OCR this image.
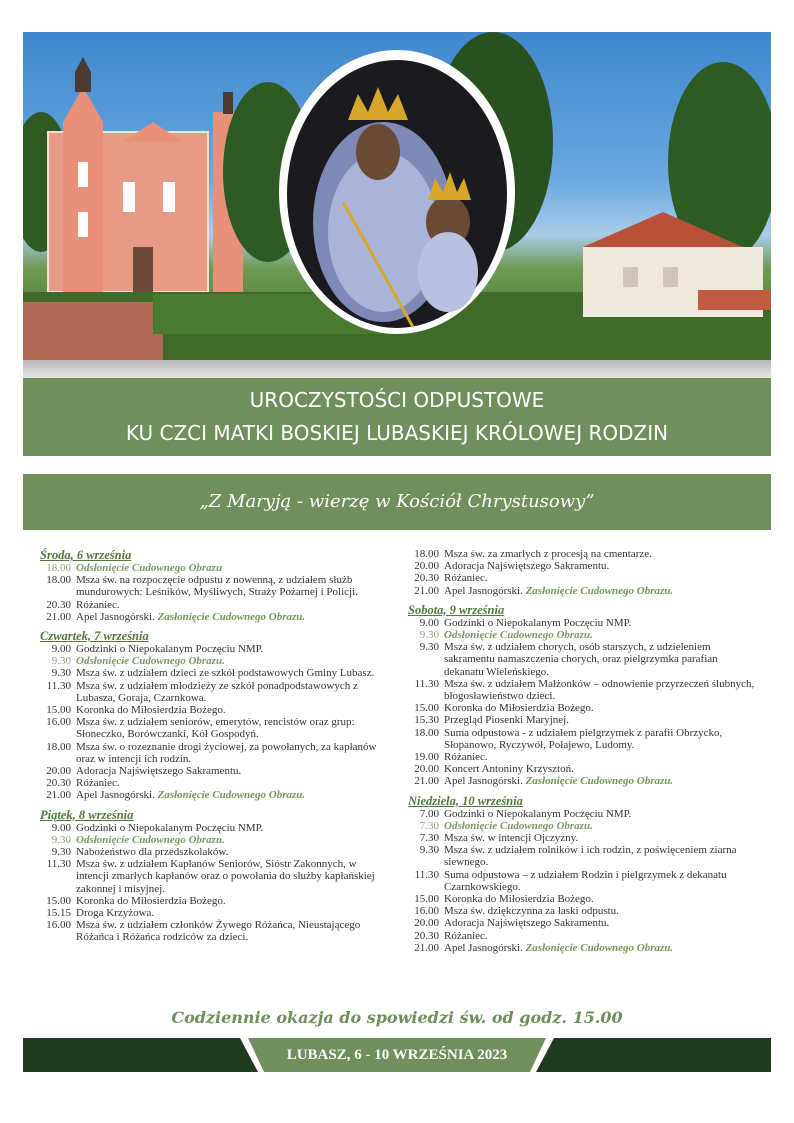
UROCZYSTOŚCI ODPUSTOWE
KU CZCI MATKI BOSKIEJ LUBASKIEJ KRÓLOWEJ RODZIN
„Z Maryją - wierzę w Kościół Chrystusowy”
Środa, 6 września
18.00 Odsłonięcie Cudownego Obrazu
18.00 Msza św. na rozpoczęcie odpustu z nowenną, z udziałem służb mundurowych: Leśników, Myśliwych, Straży Pożarnej i Policji.
20.30 Różaniec.
21.00 Apel Jasnogórski. Zasłonięcie Cudownego Obrazu.
Czwartek, 7 września
9.00 Godzinki o Niepokalanym Poczęciu NMP.
9.30 Odsłonięcie Cudownego Obrazu.
9.30 Msza św. z udziałem dzieci ze szkół podstawowych Gminy Lubasz.
11.30 Msza św. z udziałem młodzieży ze szkół ponadpodstawowych z Lubasza, Goraja, Czarnkowa.
15.00 Koronka do Miłosierdzia Bożego.
16.00 Msza św. z udziałem seniorów, emerytów, rencistów oraz grup: Słoneczko, Borówczanki, Kół Gospodyń.
18.00 Msza św. o rozeznanie drogi życiowej, za powołanych, za kapłanów oraz w intencji ich rodzin.
20.00 Adoracja Najświętszego Sakramentu.
20.30 Różaniec.
21.00 Apel Jasnogórski. Zasłonięcie Cudownego Obrazu.
Piątek, 8 września
9.00 Godzinki o Niepokalanym Poczęciu NMP.
9.30 Odsłonięcie Cudownego Obrazu.
9.30 Nabożeństwo dla przedszkolaków.
11.30 Msza św. z udziałem Kapłanów Seniorów, Sióstr Zakonnych, w intencji zmarłych kapłanów oraz o powołania do służby kapłańskiej zakonnej i misyjnej.
15.00 Koronka do Miłosierdzia Bożego.
15.15 Droga Krzyżowa.
16.00 Msza św. z udziałem członków Żywego Różańca, Nieustającego Różańca i Różańca rodziców za dzieci.
18.00 Msza św. za zmarłych z procesją na cmentarze.
20.00 Adoracja Najświętszego Sakramentu.
20.30 Różaniec.
21.00 Apel Jasnogórski. Zasłonięcie Cudownego Obrazu.
Sobota, 9 września
9.00 Godzinki o Niepokalanym Poczęciu NMP.
9.30 Odsłonięcie Cudownego Obrazu.
9.30 Msza św. z udziałem chorych, osób starszych, z udzieleniem sakramentu namaszczenia chorych, oraz pielgrzymka parafian dekanatu Wieleńskiego.
11.30 Msza św. z udziałem Małżonków – odnowienie przyrzeczeń ślubnych, błogosławieństwo dzieci.
15.00 Koronka do Miłosierdzia Bożego.
15.30 Przegląd Piosenki Maryjnej.
18.00 Suma odpustowa - z udziałem pielgrzymek z parafii Obrzycko, Słopanowo, Ryczywół, Połajewo, Ludomy.
19.00 Różaniec.
20.00 Koncert Antoniny Krzysztoń.
21.00 Apel Jasnogórski. Zasłonięcie Cudownego Obrazu.
Niedziela, 10 września
7.00 Godzinki o Niepokalanym Poczęciu NMP.
7.30 Odsłonięcie Cudownego Obrazu.
7.30 Msza św. w intencji Ojczyzny.
9.30 Msza św. z udziałem rolników i ich rodzin, z poświęceniem ziarna siewnego.
11.30 Suma odpustowa – z udziałem Rodzin i pielgrzymek z dekanatu Czarnkowskiego.
15.00 Koronka do Miłosierdzia Bożego.
16.00 Msza św. dziękczynna za łaski odpustu.
20.00 Adoracja Najświętszego Sakramentu.
20.30 Różaniec.
21.00 Apel Jasnogórski. Zasłonięcie Cudownego Obrazu.
Codziennie okazja do spowiedzi św. od godz. 15.00
LUBASZ, 6 - 10 WRZEŚNIA 2023
